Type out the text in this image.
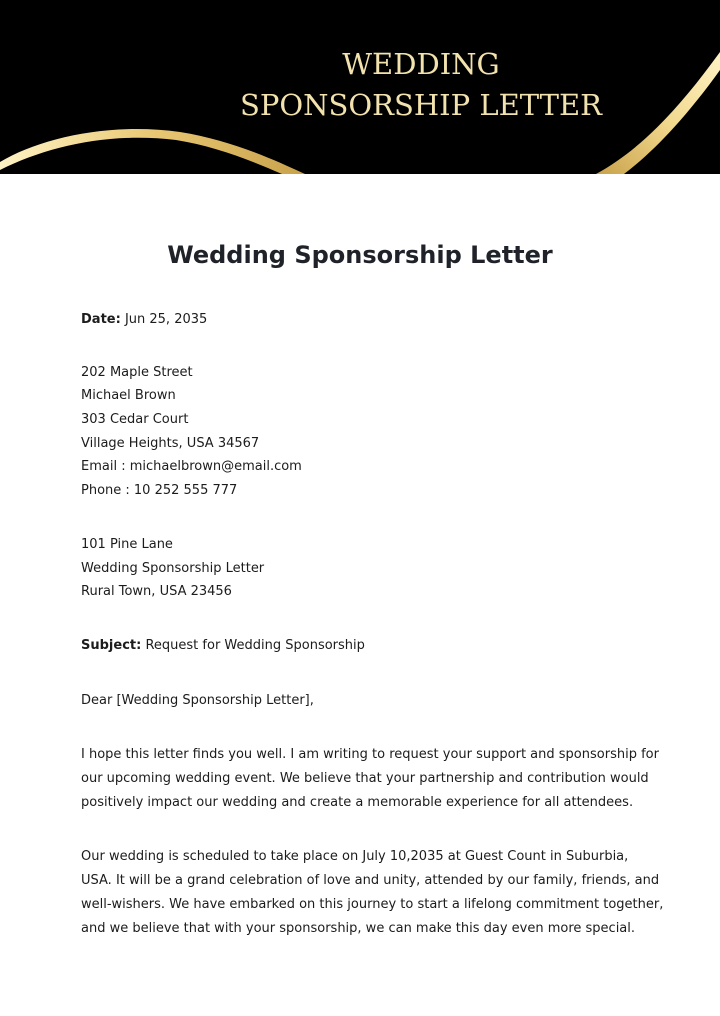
WEDDING
SPONSORSHIP LETTER
Wedding Sponsorship Letter
Date: Jun 25, 2035
202 Maple Street
Michael Brown
303 Cedar Court
Village Heights, USA 34567
Email : michaelbrown@email.com
Phone : 10 252 555 777
101 Pine Lane
Wedding Sponsorship Letter
Rural Town, USA 23456
Subject: Request for Wedding Sponsorship
Dear [Wedding Sponsorship Letter],
I hope this letter finds you well. I am writing to request your support and sponsorship for
our upcoming wedding event. We believe that your partnership and contribution would
positively impact our wedding and create a memorable experience for all attendees.
Our wedding is scheduled to take place on July 10,2035 at Guest Count in Suburbia,
USA. It will be a grand celebration of love and unity, attended by our family, friends, and
well-wishers. We have embarked on this journey to start a lifelong commitment together,
and we believe that with your sponsorship, we can make this day even more special.
